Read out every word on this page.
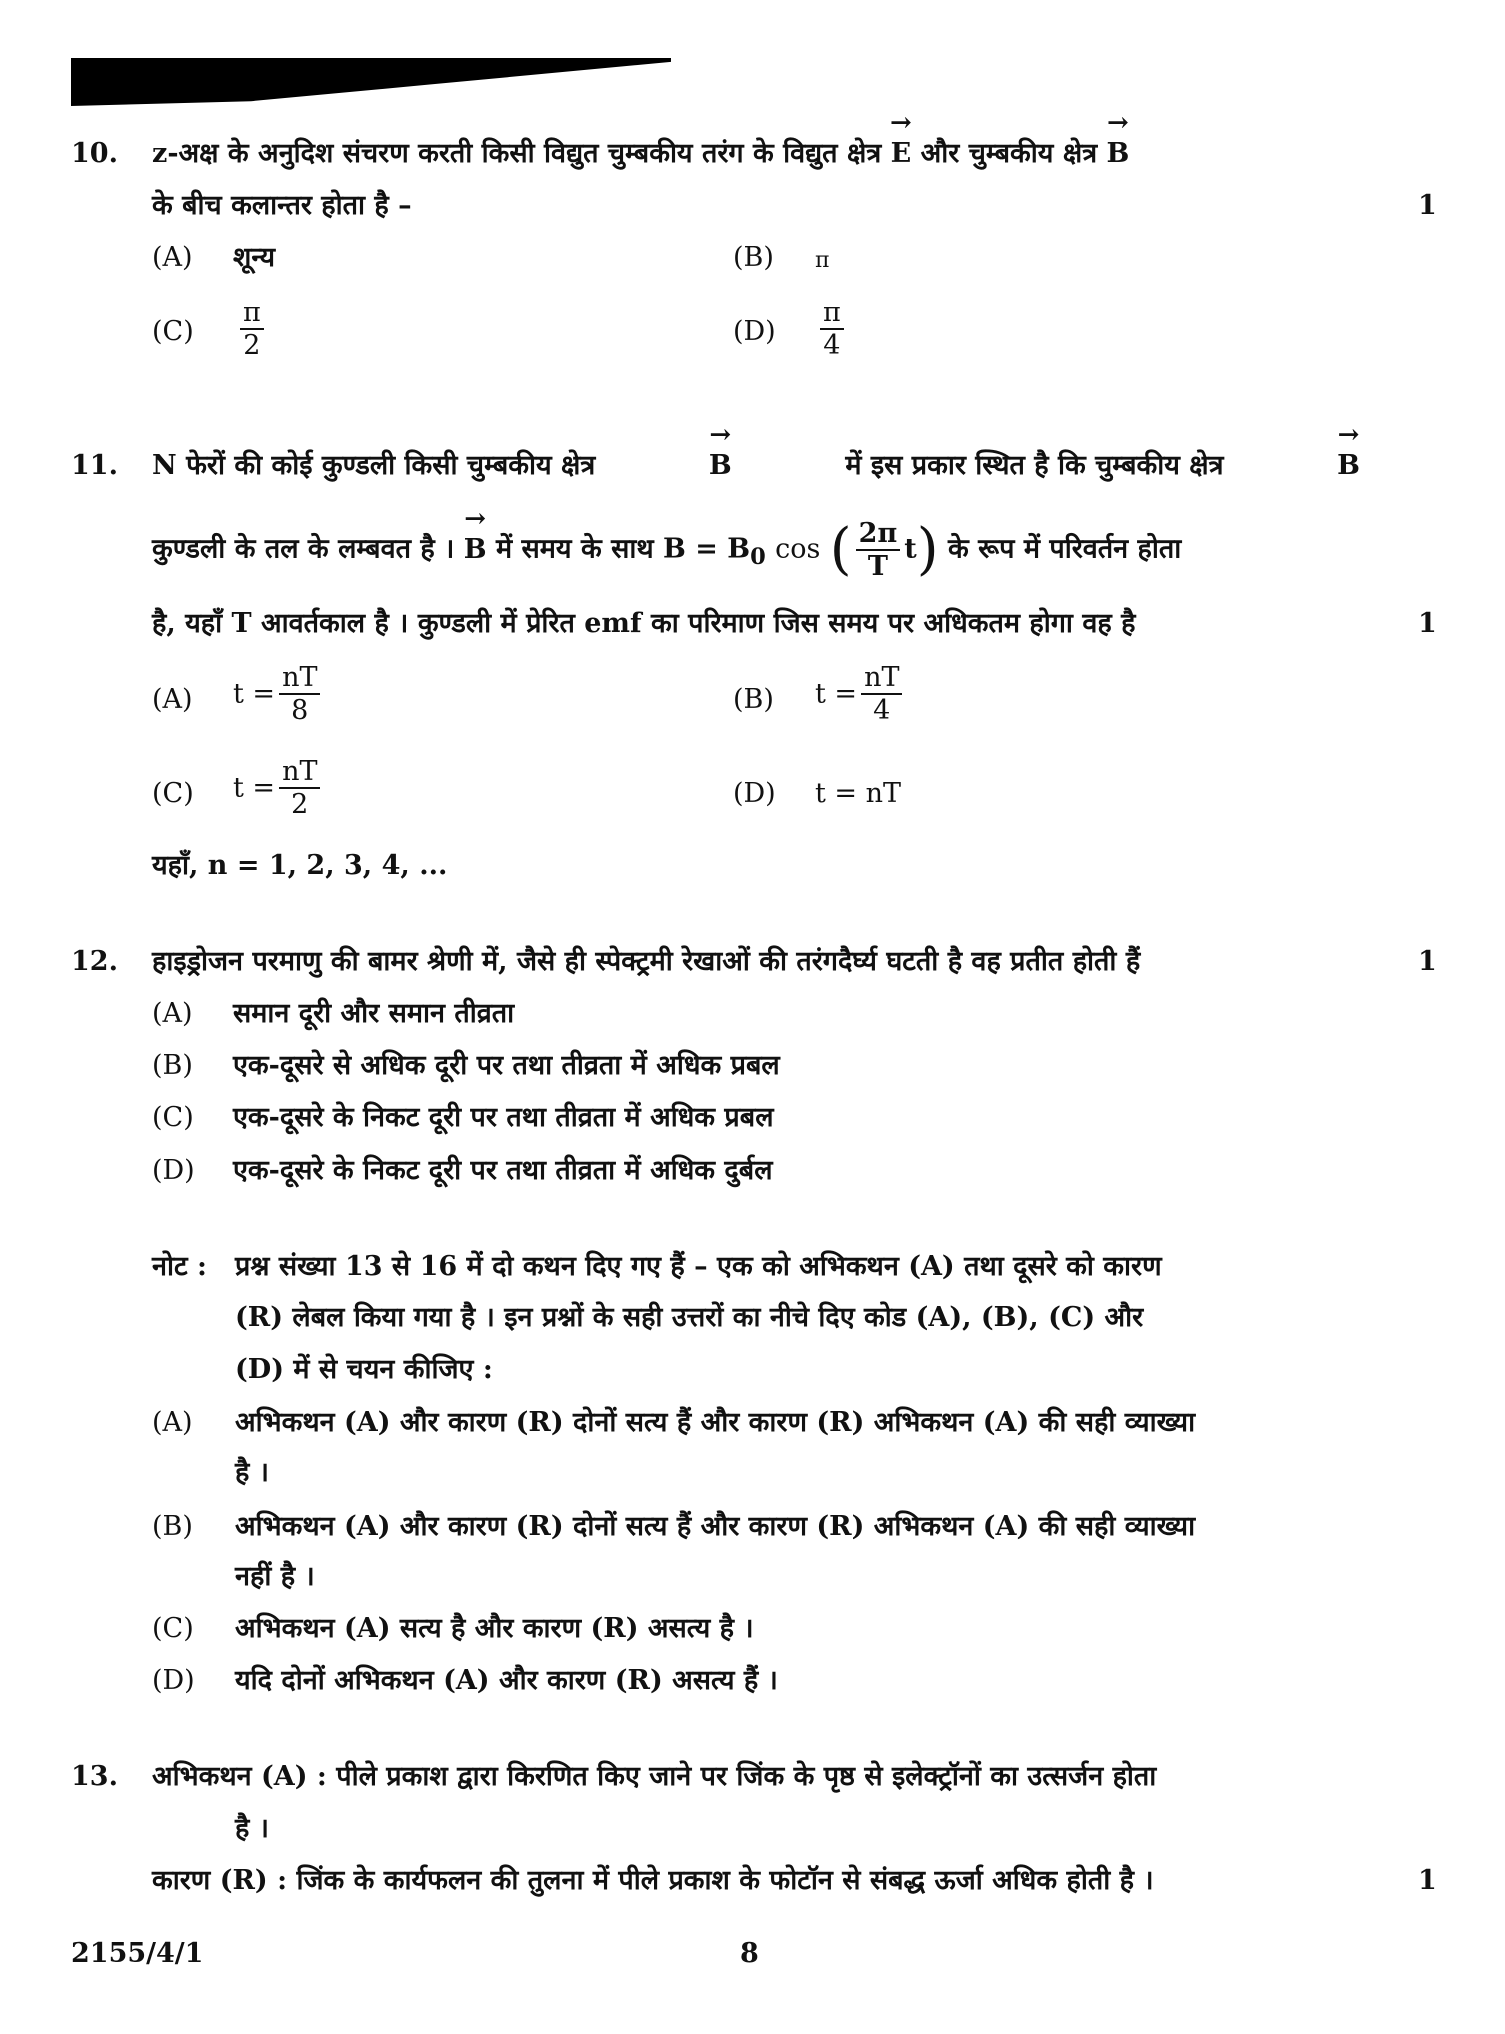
10. z-अक्ष के अनुदिश संचरण करती किसी विद्युत चुम्बकीय तरंग के विद्युत क्षेत्र → E और चुम्बकीय क्षेत्र → B
के बीच कलान्तर होता है –	1
(A) शून्य	(B) π
$(C) \frac{\pi}{2}$	$(D) \frac{\pi}{4}$
11. N फेरों की कोई कुण्डली किसी चुम्बकीय क्षेत्र	→ B	में इस प्रकार स्थित है कि चुम्बकीय क्षेत्र	→ B
कुण्डली के तल के लम्बवत है । → B में समय के साथ $B = B_0$ cos ( $\frac{2\pi}{T} t$) के रूप में परिवर्तन होता
है, यहाँ T आवर्तकाल है । कुण्डली में प्रेरित emf का परिमाण जिस समय पर अधिकतम होगा वह है	1
(A) $t = \frac{nT}{8}$	(B) $t = \frac{nT}{4}$
(C) $t = \frac{nT}{2}$	(D) t = nT
यहाँ, n = 1, 2, 3, 4, ...
12. हाइड्रोजन परमाणु की बामर श्रेणी में, जैसे ही स्पेक्ट्रमी रेखाओं की तरंगदैर्घ्य घटती है वह प्रतीत होती हैं	1
(A) समान दूरी और समान तीव्रता
(B) एक-दूसरे से अधिक दूरी पर तथा तीव्रता में अधिक प्रबल
(C) एक-दूसरे के निकट दूरी पर तथा तीव्रता में अधिक प्रबल
(D) एक-दूसरे के निकट दूरी पर तथा तीव्रता में अधिक दुर्बल
नोट : प्रश्न संख्या 13 से 16 में दो कथन दिए गए हैं – एक को अभिकथन (A) तथा दूसरे को कारण
(R) लेबल किया गया है । इन प्रश्नों के सही उत्तरों का नीचे दिए कोड (A), (B), (C) और
(D) में से चयन कीजिए :
(A) अभिकथन (A) और कारण (R) दोनों सत्य हैं और कारण (R) अभिकथन (A) की सही व्याख्या
है ।
(B) अभिकथन (A) और कारण (R) दोनों सत्य हैं और कारण (R) अभिकथन (A) की सही व्याख्या
नहीं है ।
(C) अभिकथन (A) सत्य है और कारण (R) असत्य है ।
(D) यदि दोनों अभिकथन (A) और कारण (R) असत्य हैं ।
13. अभिकथन (A) : पीले प्रकाश द्वारा किरणित किए जाने पर जिंक के पृष्ठ से इलेक्ट्रॉनों का उत्सर्जन होता
है ।
कारण (R) : जिंक के कार्यफलन की तुलना में पीले प्रकाश के फोटॉन से संबद्ध ऊर्जा अधिक होती है ।	1
2155/4/1	8
